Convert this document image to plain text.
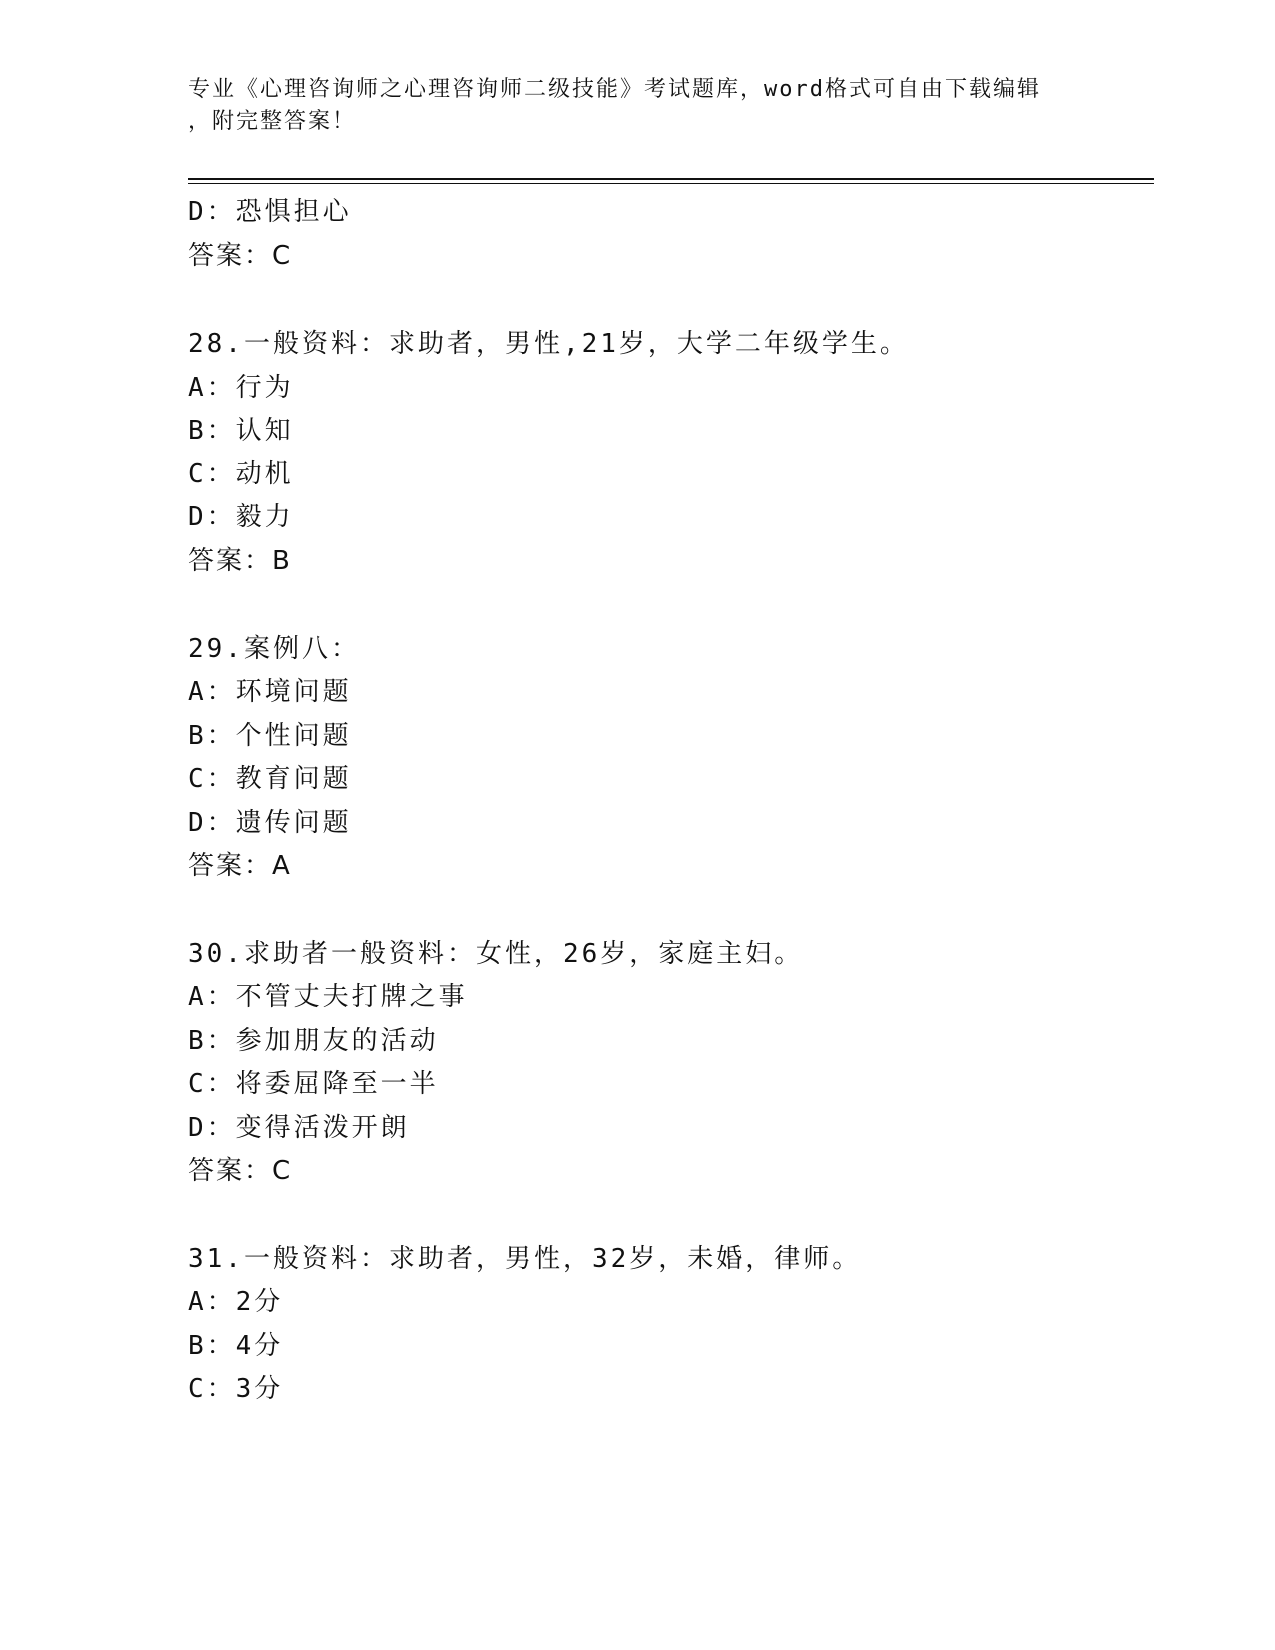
专业《心理咨询师之心理咨询师二级技能》考试题库，word格式可自由下载编辑
，附完整答案！
D：恐惧担心
答案：C
28.一般资料：求助者，男性,21岁，大学二年级学生。
A：行为
B：认知
C：动机
D：毅力
答案：B
29.案例八：
A：环境问题
B：个性问题
C：教育问题
D：遗传问题
答案：A
30.求助者一般资料：女性，26岁，家庭主妇。
A：不管丈夫打牌之事
B：参加朋友的活动
C：将委屈降至一半
D：变得活泼开朗
答案：C
31.一般资料：求助者，男性，32岁，未婚，律师。
A：2分
B：4分
C：3分
